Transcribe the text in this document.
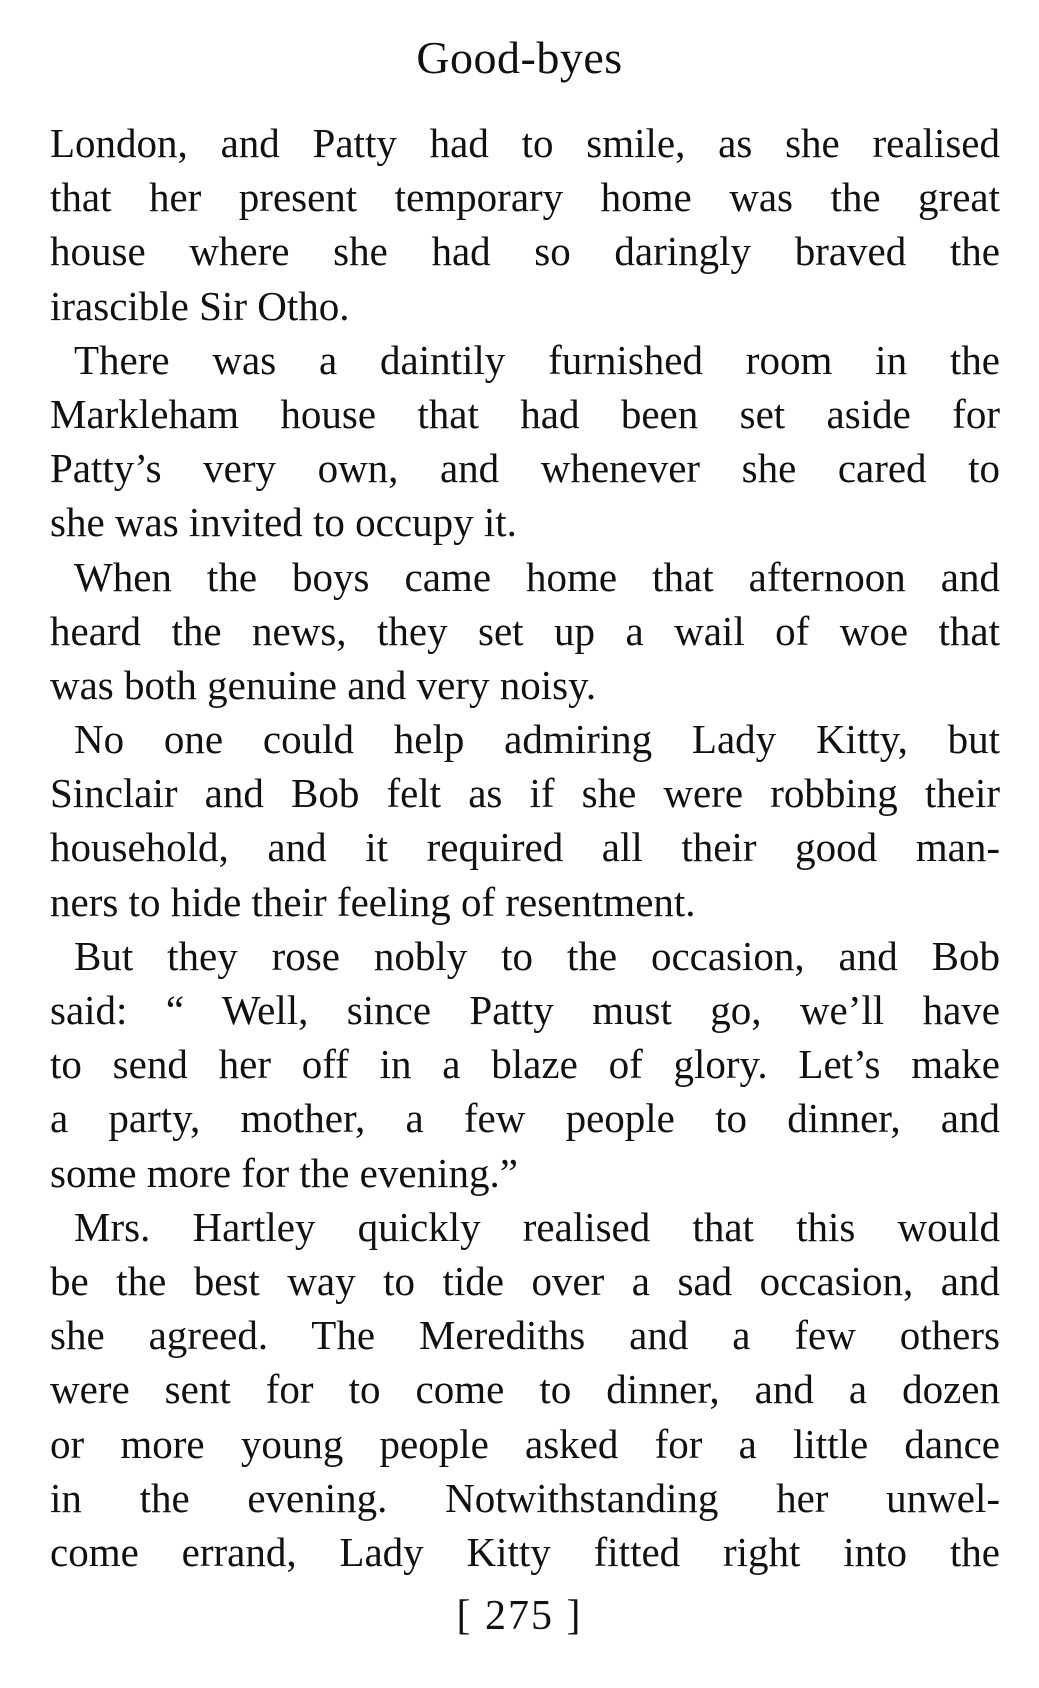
Good-byes
London, and Patty had to smile, as she realised
that her present temporary home was the great
house where she had so daringly braved the
irascible Sir Otho.
There was a daintily furnished room in the
Markleham house that had been set aside for
Patty’s very own, and whenever she cared to
she was invited to occupy it.
When the boys came home that afternoon and
heard the news, they set up a wail of woe that
was both genuine and very noisy.
No one could help admiring Lady Kitty, but
Sinclair and Bob felt as if she were robbing their
household, and it required all their good man-
ners to hide their feeling of resentment.
But they rose nobly to the occasion, and Bob
said: “ Well, since Patty must go, we’ll have
to send her off in a blaze of glory. Let’s make
a party, mother, a few people to dinner, and
some more for the evening.”
Mrs. Hartley quickly realised that this would
be the best way to tide over a sad occasion, and
she agreed. The Merediths and a few others
were sent for to come to dinner, and a dozen
or more young people asked for a little dance
in the evening. Notwithstanding her unwel-
come errand, Lady Kitty fitted right into the
[ 275 ]
